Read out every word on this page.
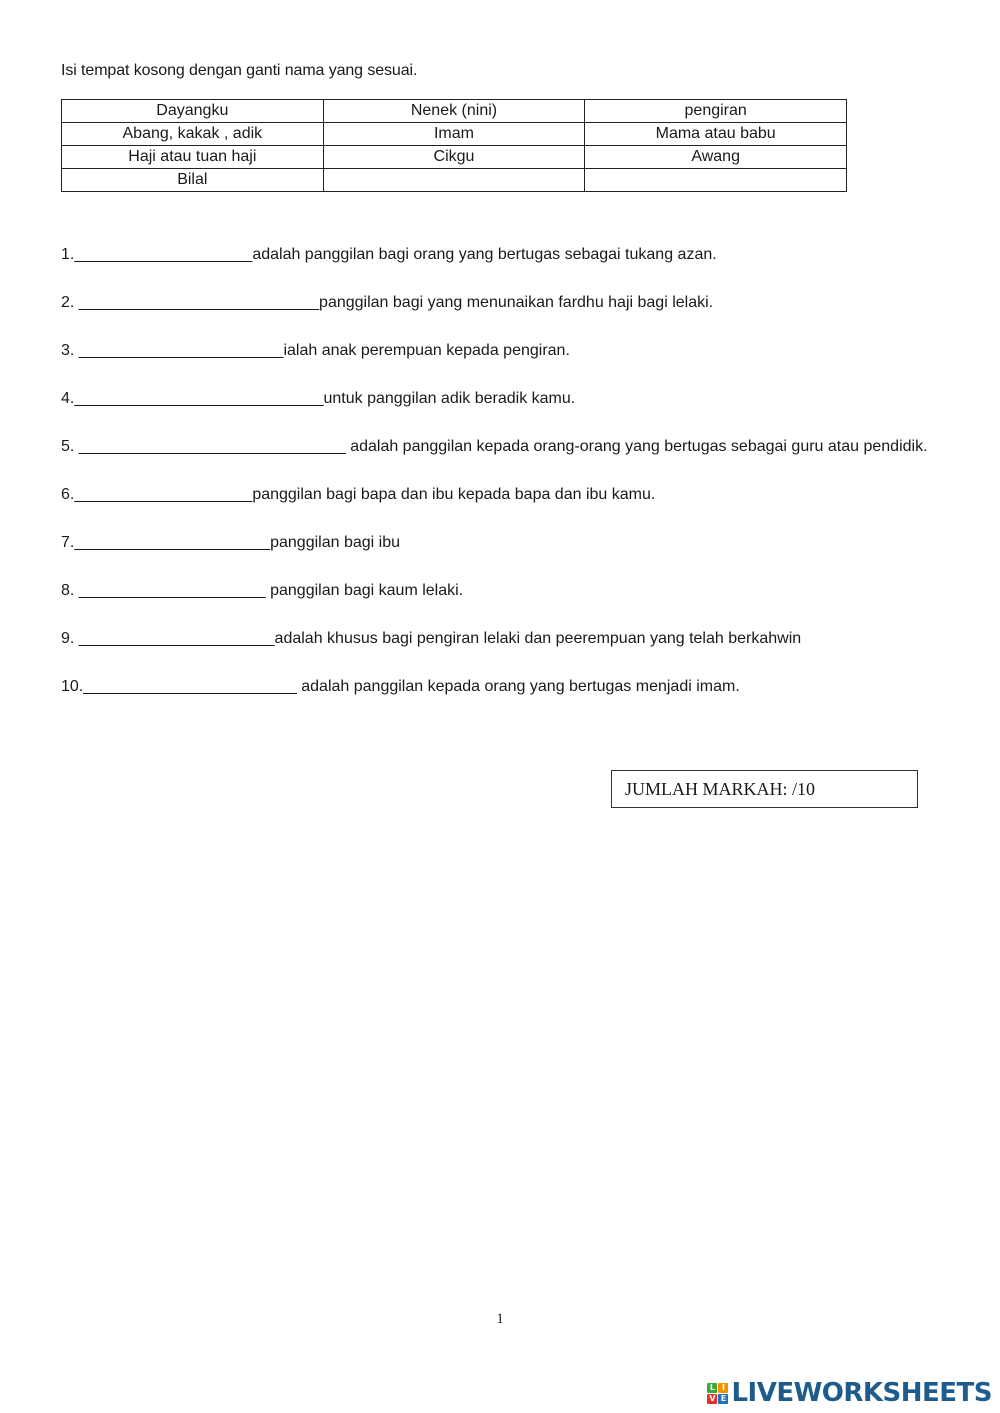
Isi tempat kosong dengan ganti nama yang sesuai.
Dayangku	Nenek (nini)	pengiran
Abang, kakak , adik	Imam	Mama atau babu
Haji atau tuan haji	Cikgu	Awang
Bilal		
1.____________________adalah panggilan bagi orang yang bertugas sebagai tukang azan.
2. ___________________________panggilan bagi yang menunaikan fardhu haji bagi lelaki.
3. _______________________ialah anak perempuan kepada pengiran.
4.____________________________untuk panggilan adik beradik kamu.
5. ______________________________ adalah panggilan kepada orang-orang yang bertugas sebagai guru atau pendidik.
6.____________________panggilan bagi bapa dan ibu kepada bapa dan ibu kamu.
7.______________________panggilan bagi ibu
8. _____________________ panggilan bagi kaum lelaki.
9. ______________________adalah khusus bagi pengiran lelaki dan peerempuan yang telah berkahwin
10.________________________ adalah panggilan kepada orang yang bertugas menjadi imam.
JUMLAH MARKAH: /10
1
L I
V E LIVEWORKSHEETS
